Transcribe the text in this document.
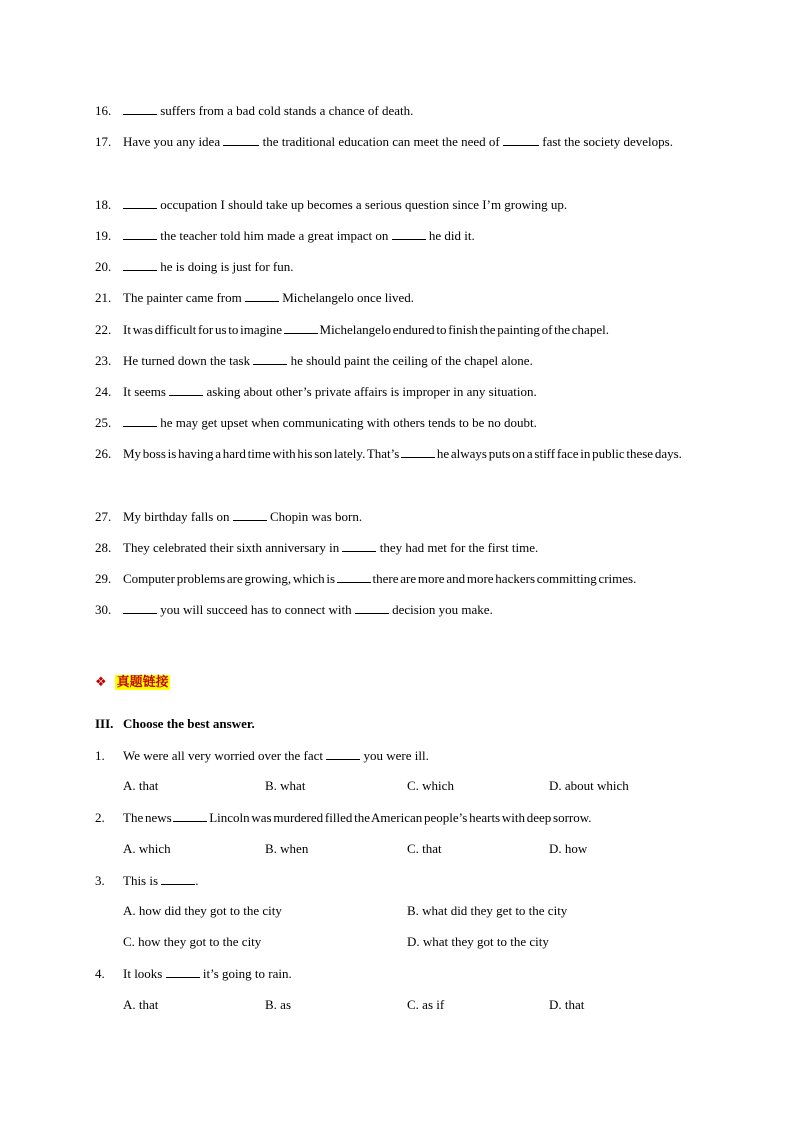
16.	suffers from a bad cold stands a chance of death.
17. Have you any idea	the traditional education can meet the need of	fast the society develops.
18.	occupation I should take up becomes a serious question since I’m growing up.
19.	the teacher told him made a great impact on	he did it.
20.	he is doing is just for fun.
21. The painter came from	Michelangelo once lived.
22. It was difficult for us to imagine	Michelangelo endured to finish the painting of the chapel.
23. He turned down the task	he should paint the ceiling of the chapel alone.
24. It seems	asking about other’s private affairs is improper in any situation.
25.	he may get upset when communicating with others tends to be no doubt.
26. My boss is having a hard time with his son lately. That’s	he always puts on a stiff face in public these days.
27. My birthday falls on	Chopin was born.
28. They celebrated their sixth anniversary in	they had met for the first time.
29. Computer problems are growing, which is	there are more and more hackers committing crimes.
30.	you will succeed has to connect with	decision you make.
❖ 真题链接
III. Choose the best answer.
1.	We were all very worried over the fact	you were ill.
A. that	B. what	C. which	D. about which
2.	The news	Lincoln was murdered filled the American people’s hearts with deep sorrow.
A. which	B. when	C. that	D. how
3.	This is	.
A. how did they got to the city	B. what did they get to the city
C. how they got to the city	D. what they got to the city
4.	It looks	it’s going to rain.
A. that	B. as	C. as if	D. that
